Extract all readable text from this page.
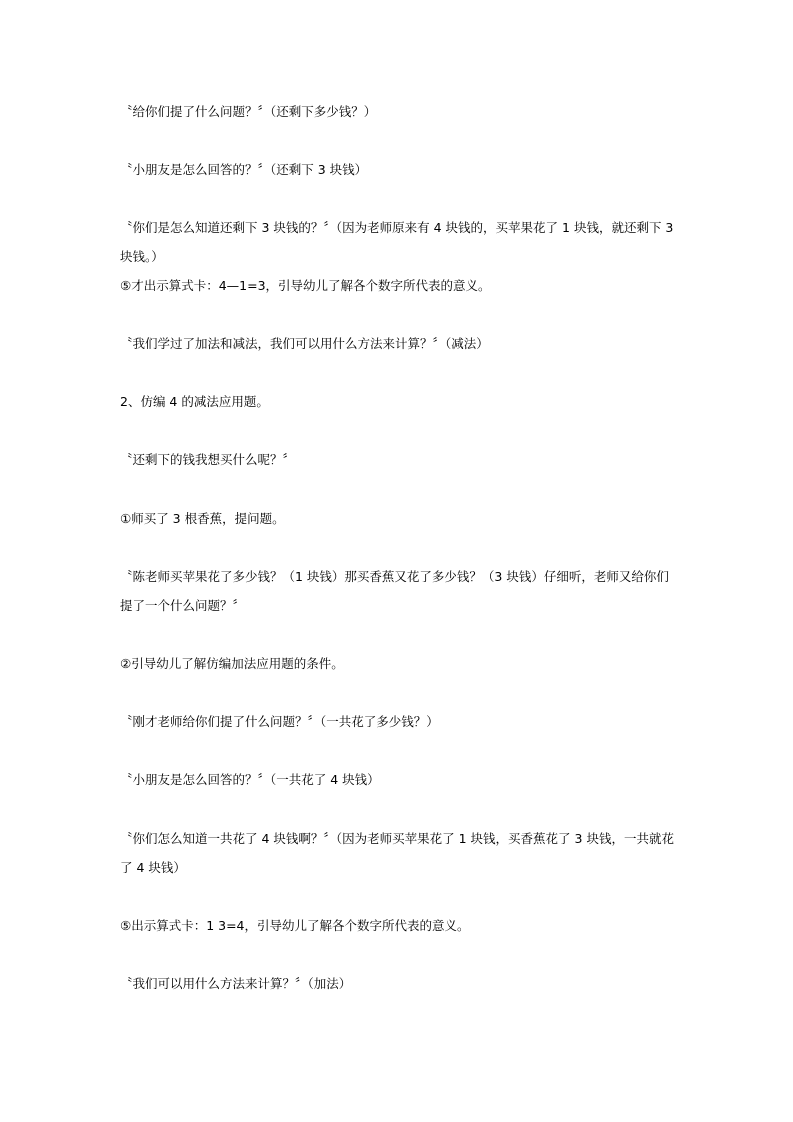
〝给你们提了什么问题？〞（还剩下多少钱？）

〝小朋友是怎么回答的？〞（还剩下 3 块钱）

〝你们是怎么知道还剩下 3 块钱的？〞（因为老师原来有 4 块钱的，买苹果花了 1 块钱，就还剩下 3 块钱。）

⑤才出示算式卡：4—1=3，引导幼儿了解各个数字所代表的意义。

〝我们学过了加法和减法，我们可以用什么方法来计算？〞（减法）

2、仿编 4 的减法应用题。

〝还剩下的钱我想买什么呢？〞

①师买了 3 根香蕉，提问题。

〝陈老师买苹果花了多少钱？（1 块钱）那买香蕉又花了多少钱？（3 块钱）仔细听，老师又给你们提了一个什么问题？〞

②引导幼儿了解仿编加法应用题的条件。

〝刚才老师给你们提了什么问题？〞（一共花了多少钱？）

〝小朋友是怎么回答的？〞（一共花了 4 块钱）

〝你们怎么知道一共花了 4 块钱啊？〞（因为老师买苹果花了 1 块钱，买香蕉花了 3 块钱，一共就花了 4 块钱）

⑤出示算式卡：1 3=4，引导幼儿了解各个数字所代表的意义。

〝我们可以用什么方法来计算？〞（加法）
